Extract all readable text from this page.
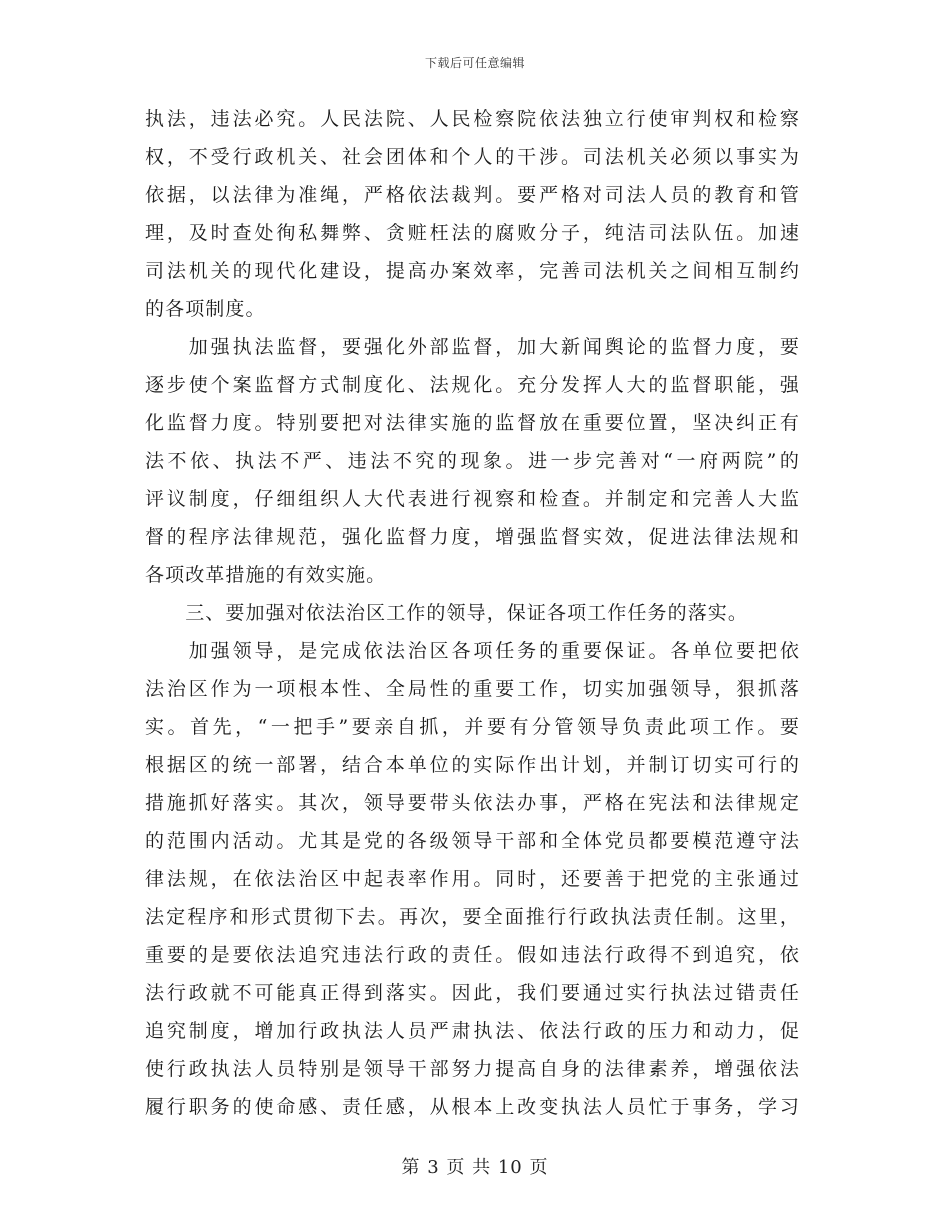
下载后可任意编辑
执法，违法必究。人民法院、人民检察院依法独立行使审判权和检察
权，不受行政机关、社会团体和个人的干涉。司法机关必须以事实为
依据，以法律为准绳，严格依法裁判。要严格对司法人员的教育和管
理，及时查处徇私舞弊、贪赃枉法的腐败分子，纯洁司法队伍。加速
司法机关的现代化建设，提高办案效率，完善司法机关之间相互制约
的各项制度。
　　加强执法监督，要强化外部监督，加大新闻舆论的监督力度，要
逐步使个案监督方式制度化、法规化。充分发挥人大的监督职能，强
化监督力度。特别要把对法律实施的监督放在重要位置，坚决纠正有
法不依、执法不严、违法不究的现象。进一步完善对“一府两院”的
评议制度，仔细组织人大代表进行视察和检查。并制定和完善人大监
督的程序法律规范，强化监督力度，增强监督实效，促进法律法规和
各项改革措施的有效实施。
　　三、要加强对依法治区工作的领导，保证各项工作任务的落实。
　　加强领导，是完成依法治区各项任务的重要保证。各单位要把依
法治区作为一项根本性、全局性的重要工作，切实加强领导，狠抓落
实。首先，“一把手”要亲自抓，并要有分管领导负责此项工作。要
根据区的统一部署，结合本单位的实际作出计划，并制订切实可行的
措施抓好落实。其次，领导要带头依法办事，严格在宪法和法律规定
的范围内活动。尤其是党的各级领导干部和全体党员都要模范遵守法
律法规，在依法治区中起表率作用。同时，还要善于把党的主张通过
法定程序和形式贯彻下去。再次，要全面推行行政执法责任制。这里，
重要的是要依法追究违法行政的责任。假如违法行政得不到追究，依
法行政就不可能真正得到落实。因此，我们要通过实行执法过错责任
追究制度，增加行政执法人员严肃执法、依法行政的压力和动力，促
使行政执法人员特别是领导干部努力提高自身的法律素养，增强依法
履行职务的使命感、责任感，从根本上改变执法人员忙于事务，学习
第 3 页 共 10 页
